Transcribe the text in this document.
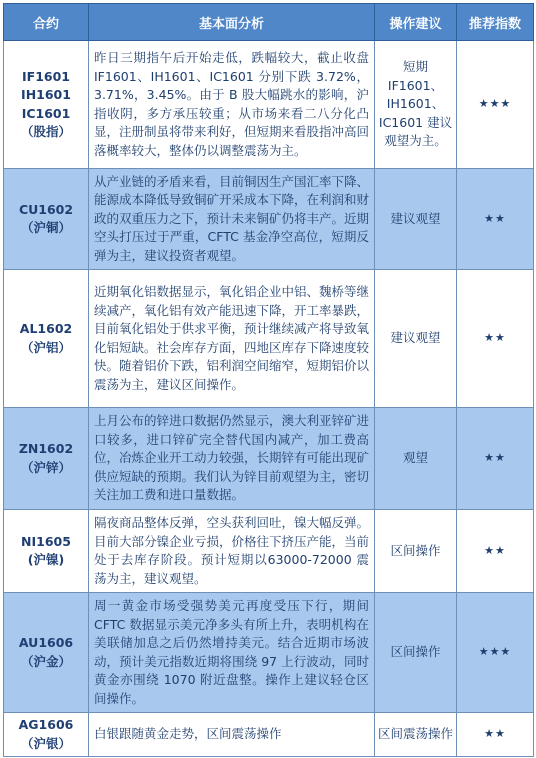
合约	基本面分析	操作建议	推荐指数

IF1601
IH1601
IC1601
（股指）	昨日三期指午后开始走低，跌幅较大，截止收盘 IF1601、IH1601、IC1601 分别下跌 3.72%，3.71%，3.45%。由于 B 股大幅跳水的影响，沪指收阴，多方承压较重；从市场来看二八分化凸显，注册制虽将带来利好，但短期来看股指冲高回落概率较大，整体仍以调整震荡为主。	短期 IF1601、IH1601、IC1601 建议观望为主。	★★★

CU1602
（沪铜）	从产业链的矛盾来看，目前铜因生产国汇率下降、能源成本降低导致铜矿开采成本下降，在利润和财政的双重压力之下，预计未来铜矿仍将丰产。近期空头打压过于严重，CFTC 基金净空高位，短期反弹为主，建议投资者观望。	建议观望	★★

AL1602
（沪铝）	近期氧化铝数据显示，氧化铝企业中铝、魏桥等继续减产，氧化铝有效产能迅速下降，开工率暴跌，目前氧化铝处于供求平衡，预计继续减产将导致氧化铝短缺。社会库存方面，四地区库存下降速度较快。随着铝价下跌，铝利润空间缩窄，短期铝价以震荡为主，建议区间操作。	建议观望	★★

ZN1602
（沪锌）	上月公布的锌进口数据仍然显示，澳大利亚锌矿进口较多，进口锌矿完全替代国内减产，加工费高位，冶炼企业开工动力较强，长期锌有可能出现矿供应短缺的预期。我们认为锌目前观望为主，密切关注加工费和进口量数据。	观望	★★

NI1605
(沪镍)	隔夜商品整体反弹，空头获利回吐，镍大幅反弹。目前大部分镍企业亏损，价格往下挤压产能，当前处于去库存阶段。预计短期以63000-72000 震荡为主，建议观望。	区间操作	★★

AU1606
（沪金）	周一黄金市场受强势美元再度受压下行，期间 CFTC 数据显示美元净多头有所上升，表明机构在美联储加息之后仍然增持美元。结合近期市场波动，预计美元指数近期将围绕 97 上行波动，同时黄金亦围绕 1070 附近盘整。操作上建议轻仓区间操作。	区间操作	★★★

AG1606
（沪银）	白银跟随黄金走势，区间震荡操作	区间震荡操作	★★
